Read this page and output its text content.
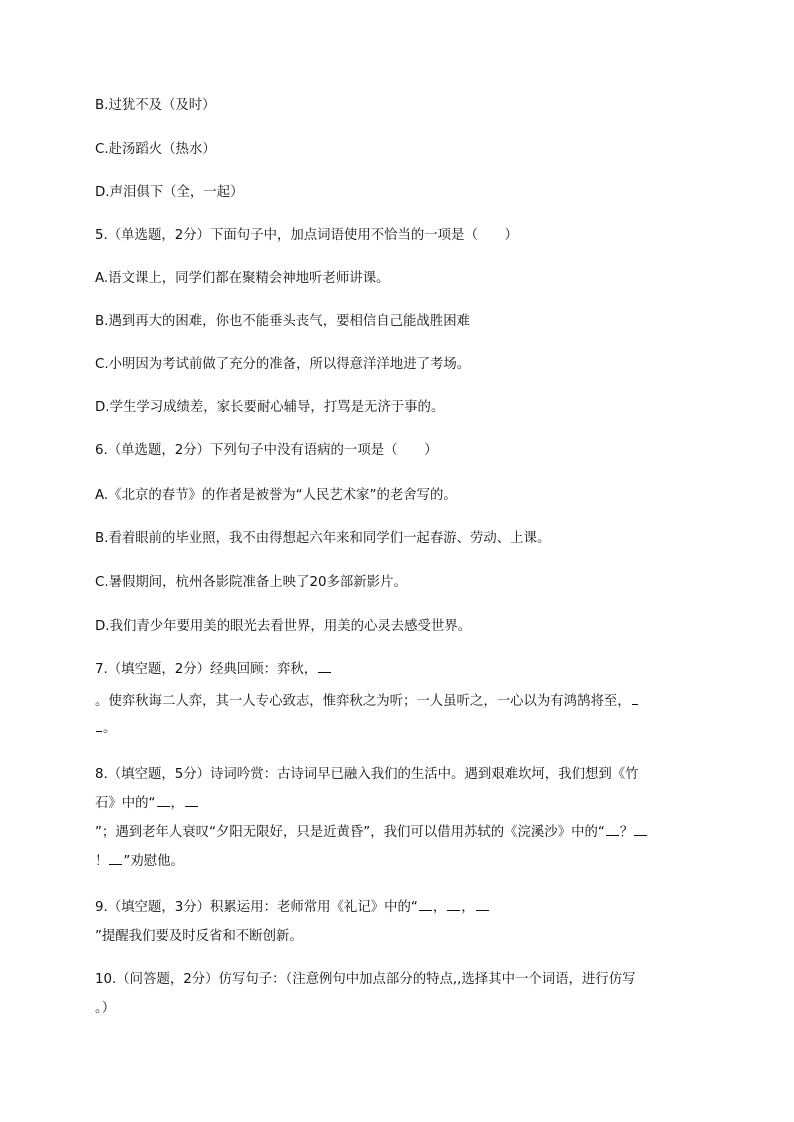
B.过犹不及（及时）
C.赴汤蹈火（热水）
D.声泪俱下（全，一起）
5.（单选题，2分）下面句子中，加点词语使用不恰当的一项是（　　）
A.语文课上，同学们都在聚精会神地听老师讲课。
B.遇到再大的困难，你也不能垂头丧气，要相信自己能战胜困难
C.小明因为考试前做了充分的准备，所以得意洋洋地进了考场。
D.学生学习成绩差，家长要耐心辅导，打骂是无济于事的。
6.（单选题，2分）下列句子中没有语病的一项是（　　）
A.《北京的春节》的作者是被誉为“人民艺术家”的老舍写的。
B.看着眼前的毕业照，我不由得想起六年来和同学们一起春游、劳动、上课。
C.暑假期间，杭州各影院准备上映了20多部新影片。
D.我们青少年要用美的眼光去看世界，用美的心灵去感受世界。
7.（填空题，2分）经典回顾：弈秋，
。使弈秋诲二人弈，其一人专心致志，惟弈秋之为听；一人虽听之，一心以为有鸿鹄将至，
。
8.（填空题，5分）诗词吟赏：古诗词早已融入我们的生活中。遇到艰难坎坷，我们想到《竹
石》中的“ ，
”；遇到老年人衰叹“夕阳无限好，只是近黄昏”，我们可以借用苏轼的《浣溪沙》中的“ ？
！ ”劝慰他。
9.（填空题，3分）积累运用：老师常用《礼记》中的“ ， ，
”提醒我们要及时反省和不断创新。
10.（问答题，2分）仿写句子：（注意例句中加点部分的特点,,选择其中一个词语，进行仿写
。）
